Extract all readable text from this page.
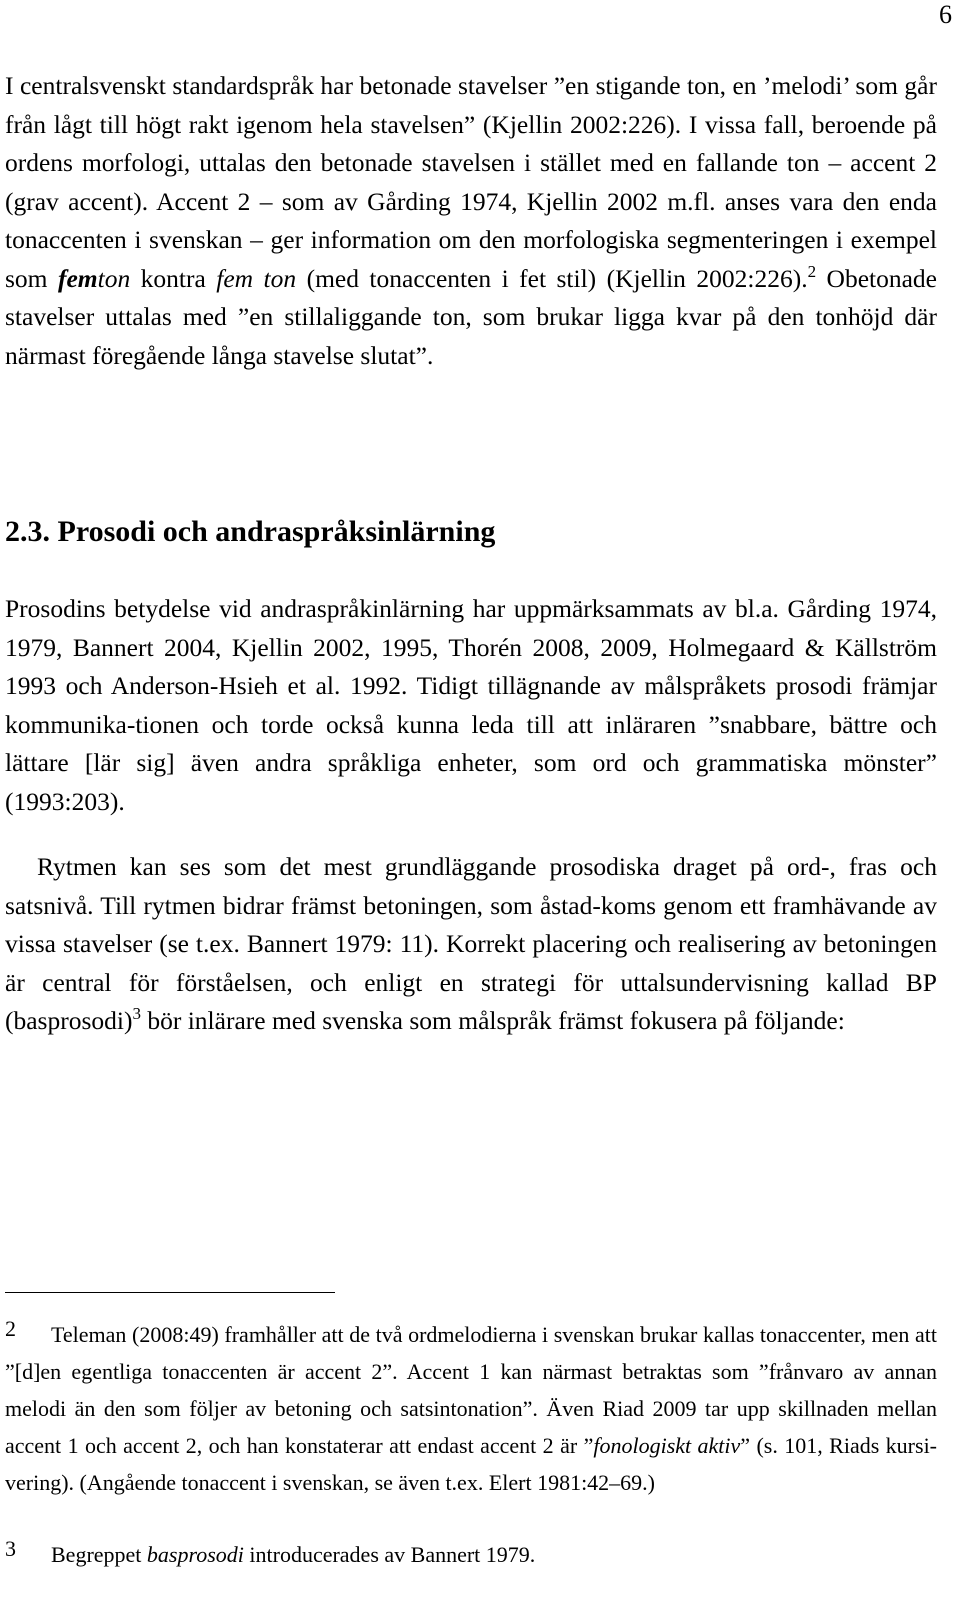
6

I centralsvenskt standardspråk har betonade stavelser ”en stigande ton, en ’melodi’ som går från lågt till högt rakt igenom hela stavelsen” (Kjellin 2002:226). I vissa fall, beroende på ordens morfologi, uttalas den betonade stavelsen i stället med en fallande ton – accent 2 (grav accent). Accent 2 – som av Gårding 1974, Kjellin 2002 m.fl. anses vara den enda tonaccenten i svenskan – ger information om den morfologiska segmenteringen i exempel som femton kontra fem ton (med tonaccenten i fet stil) (Kjellin 2002:226).$^2$ Obetonade stavelser uttalas med ”en stillaliggande ton, som brukar ligga kvar på den tonhöjd där närmast föregående långa stavelse slutat”.

2.3. Prosodi och andraspråksinlärning

Prosodins betydelse vid andraspråkinlärning har uppmärksammats av bl.a. Gårding 1974, 1979, Bannert 2004, Kjellin 2002, 1995, Thorén 2008, 2009, Holmegaard & Källström 1993 och Anderson-Hsieh et al. 1992. Tidigt tillägnande av målspråkets prosodi främjar kommunika-tionen och torde också kunna leda till att inläraren ”snabbare, bättre och lättare [lär sig] även andra språkliga enheter, som ord och grammatiska mönster” (1993:203).

Rytmen kan ses som det mest grundläggande prosodiska draget på ord-, fras och satsnivå. Till rytmen bidrar främst betoningen, som åstad-koms genom ett framhävande av vissa stavelser (se t.ex. Bannert 1979: 11). Korrekt placering och realisering av betoningen är central för förståelsen, och enligt en strategi för uttalsundervisning kallad BP (basprosodi)$^3$ bör inlärare med svenska som målspråk främst fokusera på följande:

2 Teleman (2008:49) framhåller att de två ordmelodierna i svenskan brukar kallas tonaccenter, men att ”[d]en egentliga tonaccenten är accent 2”. Accent 1 kan närmast betraktas som ”frånvaro av annan melodi än den som följer av betoning och satsintonation”. Även Riad 2009 tar upp skillnaden mellan accent 1 och accent 2, och han konstaterar att endast accent 2 är ”fonologiskt aktiv” (s. 101, Riads kursi-vering). (Angående tonaccent i svenskan, se även t.ex. Elert 1981:42–69.)

3 Begreppet basprosodi introducerades av Bannert 1979.
